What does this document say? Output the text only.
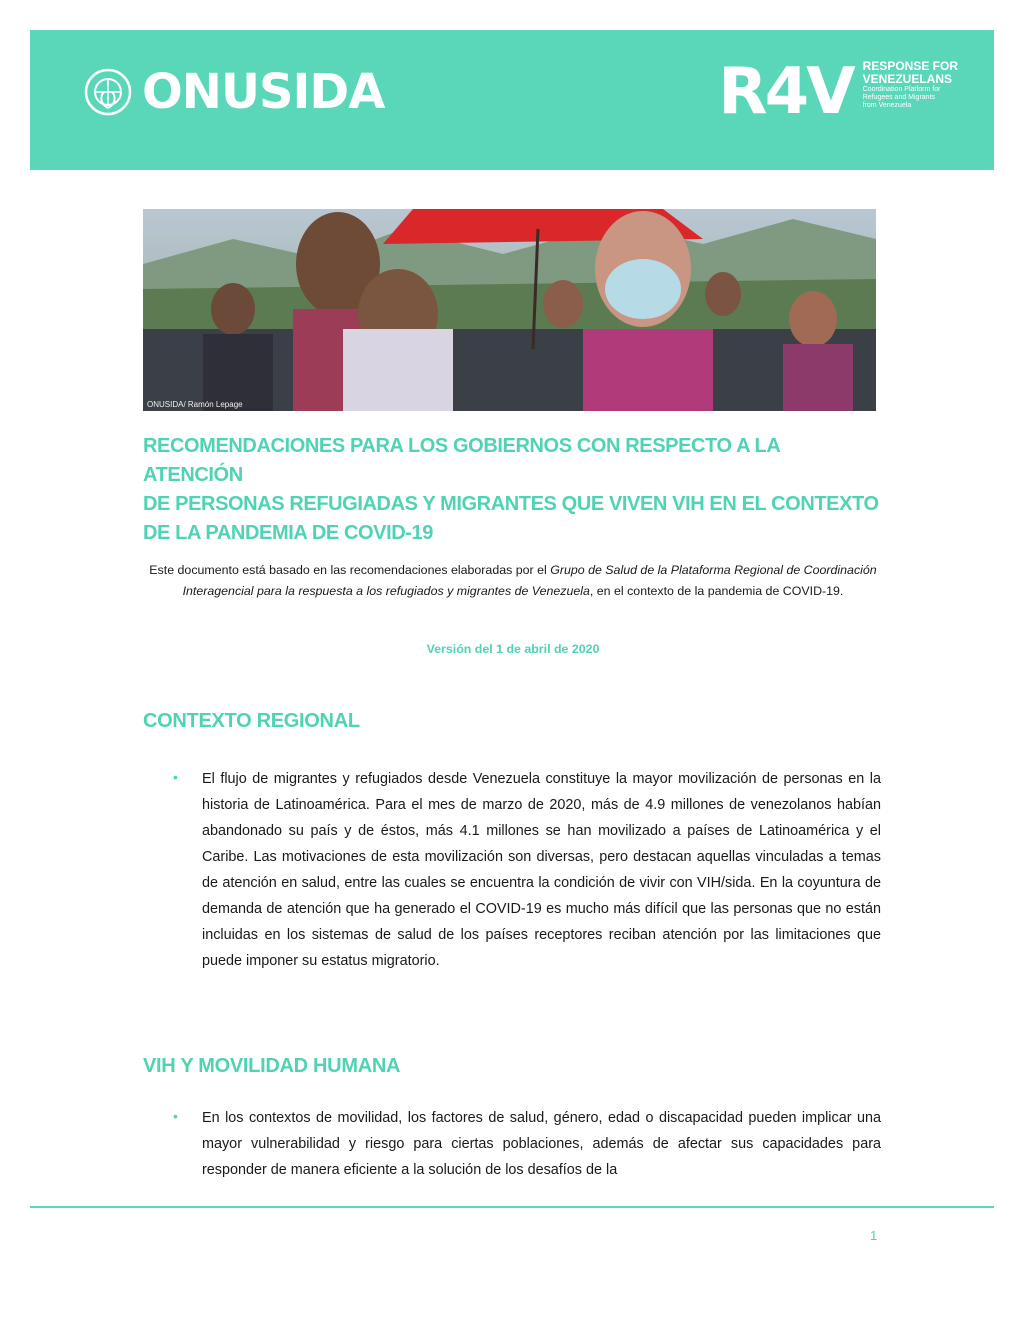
ONUSIDA	R4V RESPONSE FOR
VENEZUELANS
Coordination Platform for
Refugees and Migrants
from Venezuela
ONUSIDA/ Ramón Lepage
RECOMENDACIONES PARA LOS GOBIERNOS CON RESPECTO A LA ATENCIÓN
DE PERSONAS REFUGIADAS Y MIGRANTES QUE VIVEN VIH EN EL CONTEXTO
DE LA PANDEMIA DE COVID-19

Este documento está basado en las recomendaciones elaboradas por el Grupo de Salud de la Plataforma Regional de Coordinación Interagencial para la respuesta a los refugiados y migrantes de Venezuela, en el contexto de la pandemia de COVID-19.

Versión del 1 de abril de 2020
CONTEXTO REGIONAL
• El flujo de migrantes y refugiados desde Venezuela constituye la mayor movilización de personas en la historia de Latinoamérica. Para el mes de marzo de 2020, más de 4.9 millones de venezolanos habían abandonado su país y de éstos, más 4.1 millones se han movilizado a países de Latinoamérica y el Caribe. Las motivaciones de esta movilización son diversas, pero destacan aquellas vinculadas a temas de atención en salud, entre las cuales se encuentra la condición de vivir con VIH/sida. En la coyuntura de demanda de atención que ha generado el COVID-19 es mucho más difícil que las personas que no están incluidas en los sistemas de salud de los países receptores reciban atención por las limitaciones que puede imponer su estatus migratorio.

VIH Y MOVILIDAD HUMANA
• En los contextos de movilidad, los factores de salud, género, edad o discapacidad pueden implicar una mayor vulnerabilidad y riesgo para ciertas poblaciones, además de afectar sus capacidades para responder de manera eficiente a la solución de los desafíos de la

1
